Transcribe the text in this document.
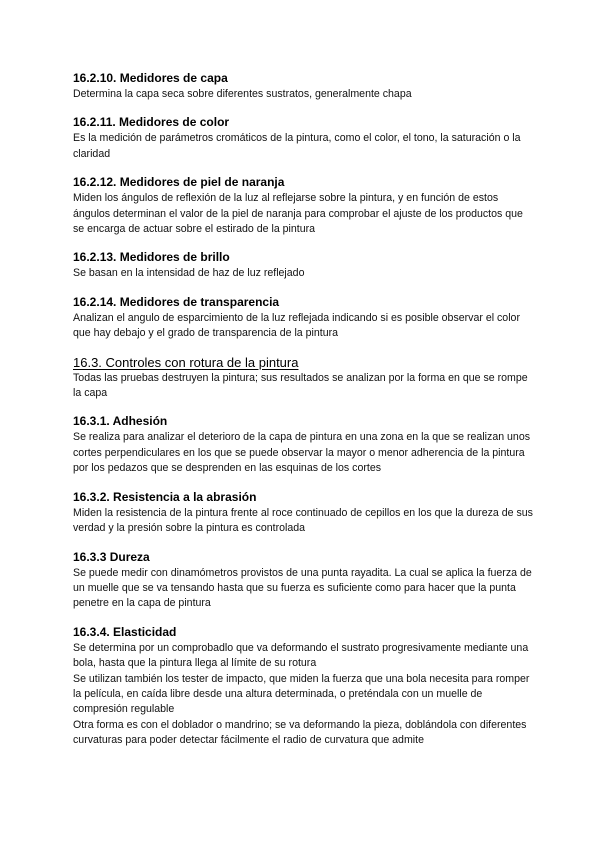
16.2.10. Medidores de capa

Determina la capa seca sobre diferentes sustratos, generalmente chapa

16.2.11. Medidores de color

Es la medición de parámetros cromáticos de la pintura, como el color, el tono, la saturación o la claridad

16.2.12. Medidores de piel de naranja

Miden los ángulos de reflexión de la luz al reflejarse sobre la pintura, y en función de estos ángulos determinan el valor de la piel de naranja para comprobar el ajuste de los productos que se encarga de actuar sobre el estirado de la pintura

16.2.13. Medidores de brillo

Se basan en la intensidad de haz de luz reflejado

16.2.14. Medidores de transparencia

Analizan el angulo de esparcimiento de la luz reflejada indicando si es posible observar el color que hay debajo y el grado de transparencia de la pintura

16.3. Controles con rotura de la pintura

Todas las pruebas destruyen la pintura; sus resultados se analizan por la forma en que se rompe la capa

16.3.1. Adhesión

Se realiza para analizar el deterioro de la capa de pintura en una zona en la que se realizan unos cortes perpendiculares en los que se puede observar la mayor o menor adherencia de la pintura por los pedazos que se desprenden en las esquinas de los cortes

16.3.2. Resistencia a la abrasión

Miden la resistencia de la pintura frente al roce continuado de cepillos en los que la dureza de sus verdad y la presión sobre la pintura es controlada

16.3.3 Dureza

Se puede medir con dinamómetros provistos de una punta rayadita. La cual se aplica la fuerza de un muelle que se va tensando hasta que su fuerza es suficiente como para hacer que la punta penetre en la capa de pintura

16.3.4. Elasticidad

Se determina por un comprobadlo que va deformando el sustrato progresivamente mediante una bola, hasta que la pintura llega al límite de su rotura

Se utilizan también los tester de impacto, que miden la fuerza que una bola necesita para romper la película, en caída libre desde una altura determinada, o preténdala con un muelle de compresión regulable

Otra forma es con el doblador o mandrino; se va deformando la pieza, doblándola con diferentes curvaturas para poder detectar fácilmente el radio de curvatura que admite
